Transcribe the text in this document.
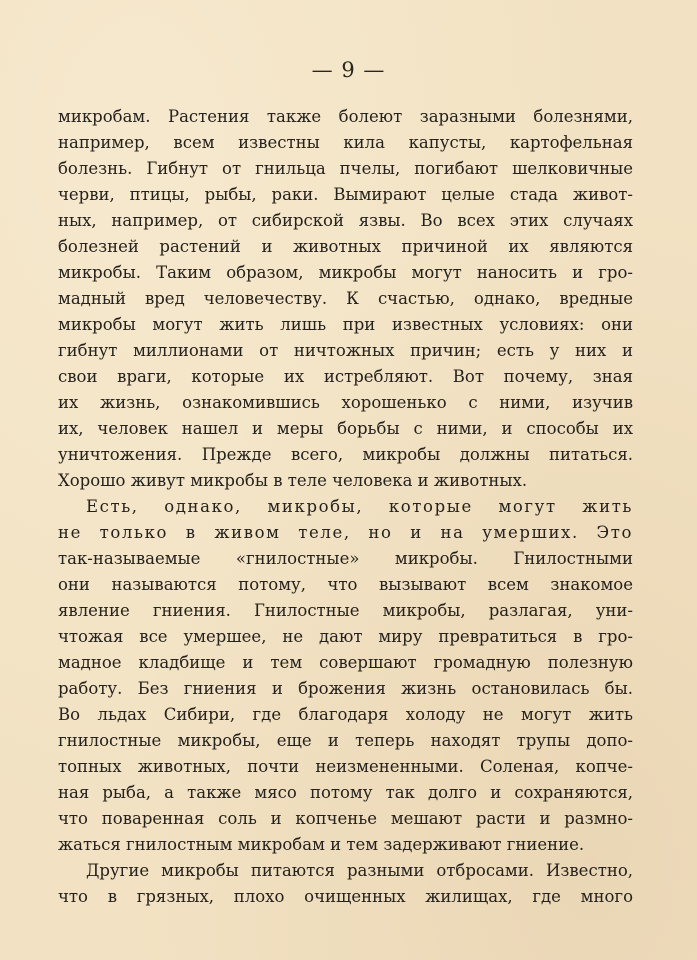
— 9 —
микробам. Растения также болеют заразными болезнями,
например, всем известны кила капусты, картофельная
болезнь. Гибнут от гнильца пчелы, погибают шелковичные
черви, птицы, рыбы, раки. Вымирают целые стада живот-
ных, например, от сибирской язвы. Во всех этих случаях
болезней растений и животных причиной их являются
микробы. Таким образом, микробы могут наносить и гро-
мадный вред человечеству. К счастью, однако, вредные
микробы могут жить лишь при известных условиях: они
гибнут миллионами от ничтожных причин; есть у них и
свои враги, которые их истребляют. Вот почему, зная
их жизнь, ознакомившись хорошенько с ними, изучив
их, человек нашел и меры борьбы с ними, и способы их
уничтожения. Прежде всего, микробы должны питаться.
Хорошо живут микробы в теле человека и животных.
Есть, однако, микробы, которые могут жить
не только в живом теле, но и на умерших. Это
так-называемые «гнилостные» микробы. Гнилостными
они называются потому, что вызывают всем знакомое
явление гниения. Гнилостные микробы, разлагая, уни-
чтожая все умершее, не дают миру превратиться в гро-
мадное кладбище и тем совершают громадную полезную
работу. Без гниения и брожения жизнь остановилась бы.
Во льдах Сибири, где благодаря холоду не могут жить
гнилостные микробы, еще и теперь находят трупы допо-
топных животных, почти неизмененными. Соленая, копче-
ная рыба, а также мясо потому так долго и сохраняются,
что поваренная соль и копченье мешают расти и размно-
жаться гнилостным микробам и тем задерживают гниение.
Другие микробы питаются разными отбросами. Известно,
что в грязных, плохо очищенных жилищах, где много
